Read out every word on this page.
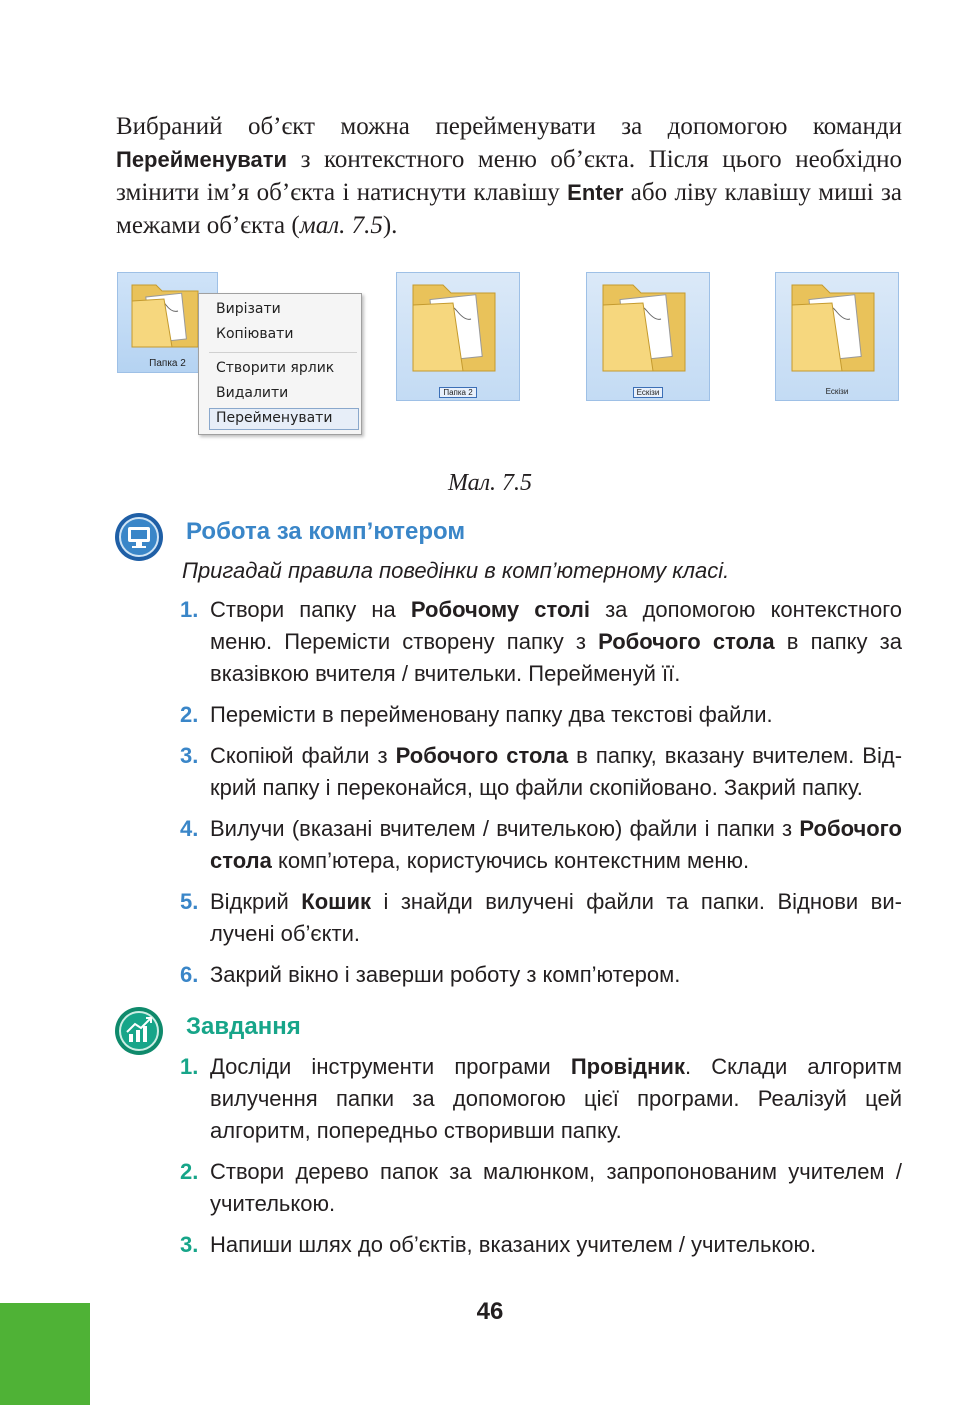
Вибраний об’єкт можна перейменувати за допомогою команди Перейменувати з контекстного меню об’єкта. Після цього необхідно змінити ім’я об’єкта і натиснути клавішу Enter або ліву клавішу миші за межами об’єкта (мал. 7.5).

Папка 2
Вирізати
Копіювати
Створити ярлик
Видалити
Перейменувати
Папка 2	Ескізи	Ескізи

Мал. 7.5

Робота за комп’ютером

Пригадай правила поведінки в комп’ютерному класі.

1. Створи папку на Робочому столі за допомогою контекстного меню. Перемісти створену папку з Робочого стола в папку за вказівкою вчителя / вчительки. Перейменуй її.
2. Перемісти в перейменовану папку два текстові файли.
3. Скопіюй файли з Робочого стола в папку, вказану вчителем. Відкрий папку і переконайся, що файли скопійовано. Закрий папку.
4. Вилучи (вказані вчителем / вчителькою) файли і папки з Робочого стола комп’ютера, користуючись контекстним меню.
5. Відкрий Кошик і знайди вилучені файли та папки. Віднови вилучені об’єкти.
6. Закрий вікно і заверши роботу з комп’ютером.
Завдання
1. Досліди інструменти програми Провідник. Склади алгоритм вилучення папки за допомогою цієї програми. Реалізуй цей алгоритм, попередньо створивши папку.
2. Створи дерево папок за малюнком, запропонованим учителем / учителькою.
3. Напиши шлях до об’єктів, вказаних учителем / учителькою.

46
